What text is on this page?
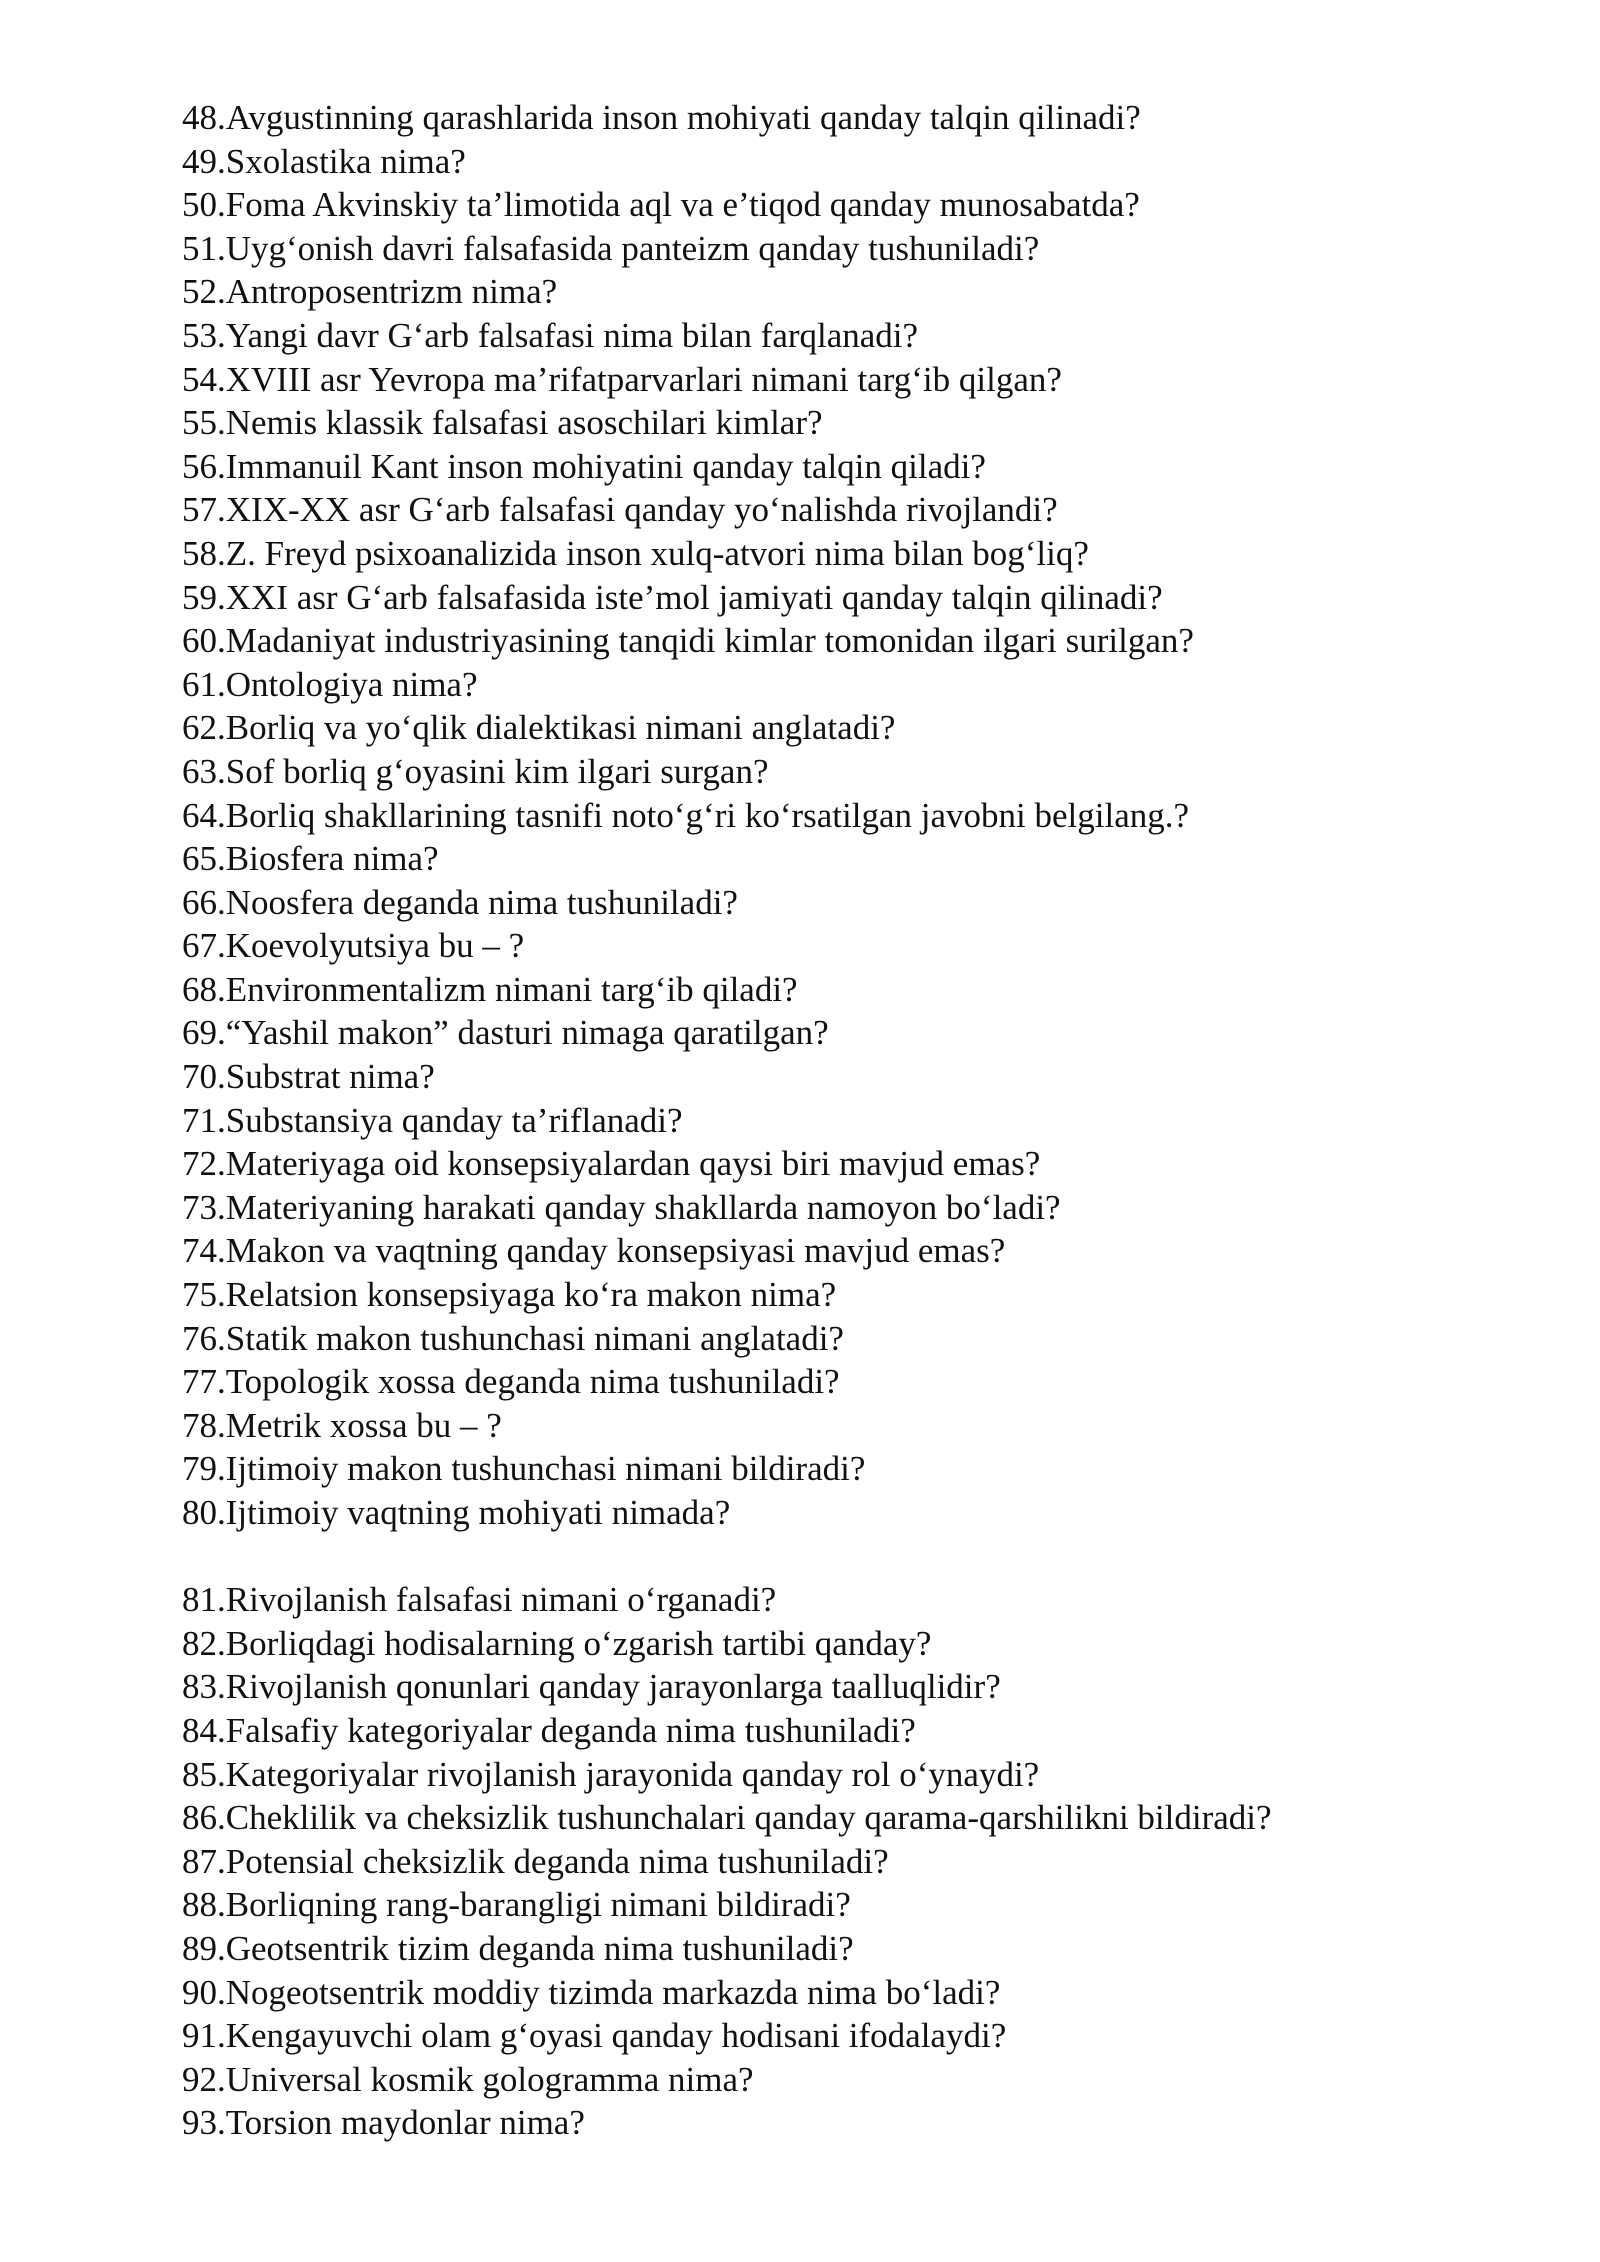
48. Avgustinning qarashlarida inson mohiyati qanday talqin qilinadi?
49. Sxolastika nima?
50. Foma Akvinskiy ta’limotida aql va e’tiqod qanday munosabatda?
51. Uyg‘onish davri falsafasida panteizm qanday tushuniladi?
52. Antroposentrizm nima?
53. Yangi davr G‘arb falsafasi nima bilan farqlanadi?
54. XVIII asr Yevropa ma’rifatparvarlari nimani targ‘ib qilgan?
55. Nemis klassik falsafasi asoschilari kimlar?
56. Immanuil Kant inson mohiyatini qanday talqin qiladi?
57. XIX-XX asr G‘arb falsafasi qanday yo‘nalishda rivojlandi?
58. Z. Freyd psixoanalizida inson xulq-atvori nima bilan bog‘liq?
59. XXI asr G‘arb falsafasida iste’mol jamiyati qanday talqin qilinadi?
60. Madaniyat industriyasining tanqidi kimlar tomonidan ilgari surilgan?
61. Ontologiya nima?
62. Borliq va yo‘qlik dialektikasi nimani anglatadi?
63. Sof borliq g‘oyasini kim ilgari surgan?
64. Borliq shakllarining tasnifi noto‘g‘ri ko‘rsatilgan javobni belgilang.?
65. Biosfera nima?
66. Noosfera deganda nima tushuniladi?
67. Koevolyutsiya bu – ?
68. Environmentalizm nimani targ‘ib qiladi?
69. “Yashil makon” dasturi nimaga qaratilgan?
70. Substrat nima?
71. Substansiya qanday ta’riflanadi?
72. Materiyaga oid konsepsiyalardan qaysi biri mavjud emas?
73. Materiyaning harakati qanday shakllarda namoyon bo‘ladi?
74. Makon va vaqtning qanday konsepsiyasi mavjud emas?
75. Relatsion konsepsiyaga ko‘ra makon nima?
76. Statik makon tushunchasi nimani anglatadi?
77. Topologik xossa deganda nima tushuniladi?
78. Metrik xossa bu – ?
79. Ijtimoiy makon tushunchasi nimani bildiradi?
80. Ijtimoiy vaqtning mohiyati nimada?
81. Rivojlanish falsafasi nimani o‘rganadi?
82. Borliqdagi hodisalarning o‘zgarish tartibi qanday?
83. Rivojlanish qonunlari qanday jarayonlarga taalluqlidir?
84. Falsafiy kategoriyalar deganda nima tushuniladi?
85. Kategoriyalar rivojlanish jarayonida qanday rol o‘ynaydi?
86. Cheklilik va cheksizlik tushunchalari qanday qarama-qarshilikni bildiradi?
87. Potensial cheksizlik deganda nima tushuniladi?
88. Borliqning rang-barangligi nimani bildiradi?
89. Geotsentrik tizim deganda nima tushuniladi?
90. Nogeotsentrik moddiy tizimda markazda nima bo‘ladi?
91. Kengayuvchi olam g‘oyasi qanday hodisani ifodalaydi?
92. Universal kosmik gologramma nima?
93. Torsion maydonlar nima?
